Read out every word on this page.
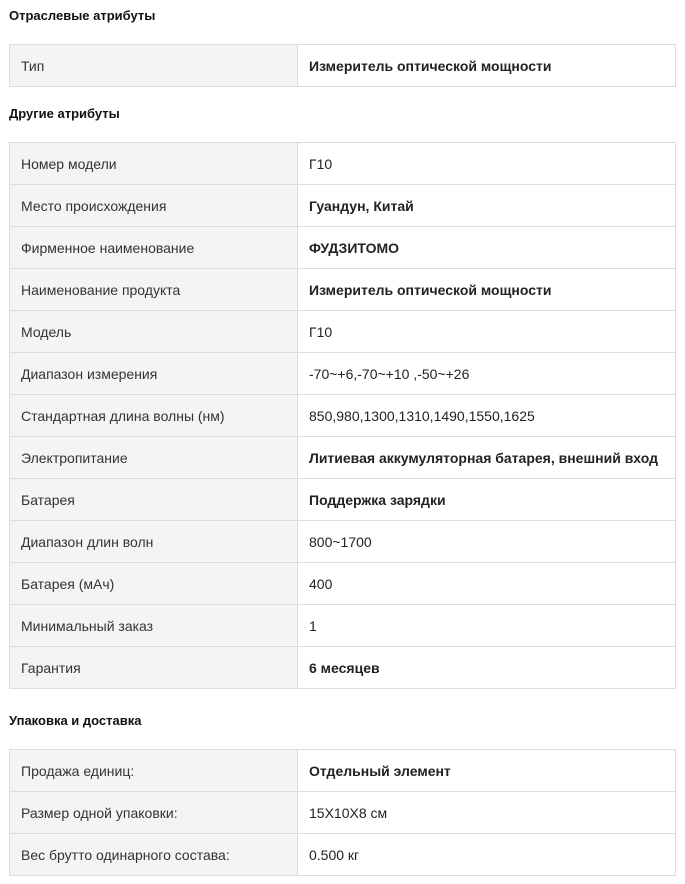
Отраслевые атрибуты
Тип	Измеритель оптической мощности
Другие атрибуты
Номер модели	Г10
Место происхождения	Гуандун, Китай
Фирменное наименование	ФУДЗИТОМО
Наименование продукта	Измеритель оптической мощности
Модель	Г10
Диапазон измерения	-70~+6,-70~+10 ,-50~+26
Стандартная длина волны (нм)	850,980,1300,1310,1490,1550,1625
Электропитание	Литиевая аккумуляторная батарея, внешний вход
Батарея	Поддержка зарядки
Диапазон длин волн	800~1700
Батарея (мАч)	400
Минимальный заказ	1
Гарантия	6 месяцев
Упаковка и доставка
Продажа единиц:	Отдельный элемент
Размер одной упаковки:	15X10X8 см
Вес брутто одинарного состава:	0.500 кг
